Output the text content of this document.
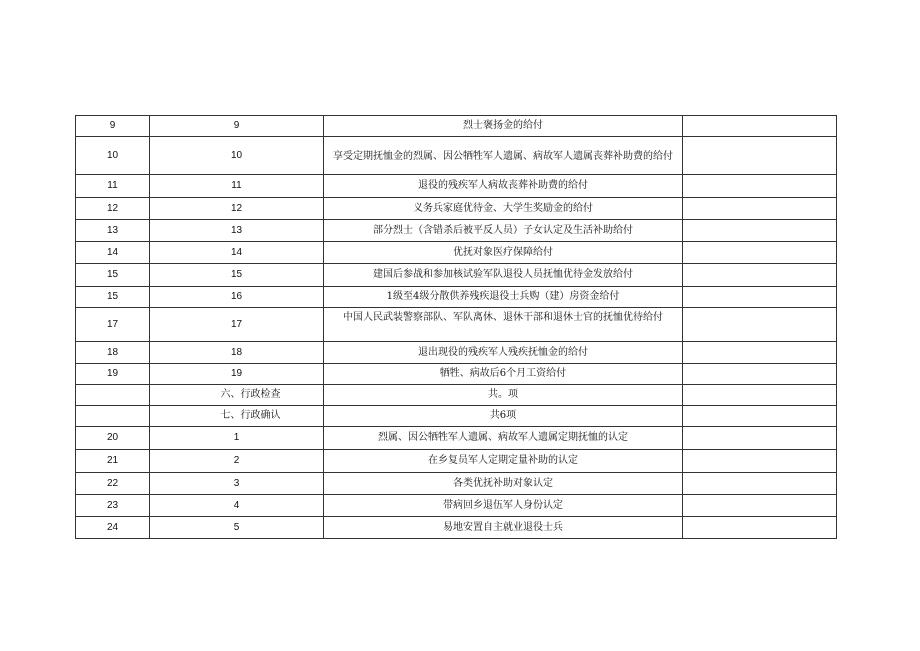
9	9	烈士褒扬金的给付	
10	10	享受定期抚恤金的烈属、因公牺牲军人遗属、病故军人遗属丧葬补助费的给付	

11	11	退役的残疾军人病故丧葬补助费的给付	
12	12	义务兵家庭优待金、大学生奖励金的给付	
13	13	部分烈士（含错杀后被平反人员）子女认定及生活补助给付	
14	14	优抚对象医疗保障给付	
15	15	建国后参战和参加核试验军队退役人员抚恤优待金发放给付	
15	16	1级至4级分散供养残疾退役士兵购（建）房资金给付	
17	17	中国人民武装警察部队、军队离休、退休干部和退休士官的抚恤优待给付	

18	18	退出现役的残疾军人残疾抚恤金的给付	
19	19	牺牲、病故后6个月工资给付	
	六、行政检查	共。项	
	七、行政确认	共6项	
20	1	烈属、因公牺牲军人遗属、病故军人遗属定期抚恤的认定	
21	2	在乡复员军人定期定量补助的认定	
22	3	各类优抚补助对象认定	
23	4	带病回乡退伍军人身份认定	
24	5	易地安置自主就业退役士兵	
